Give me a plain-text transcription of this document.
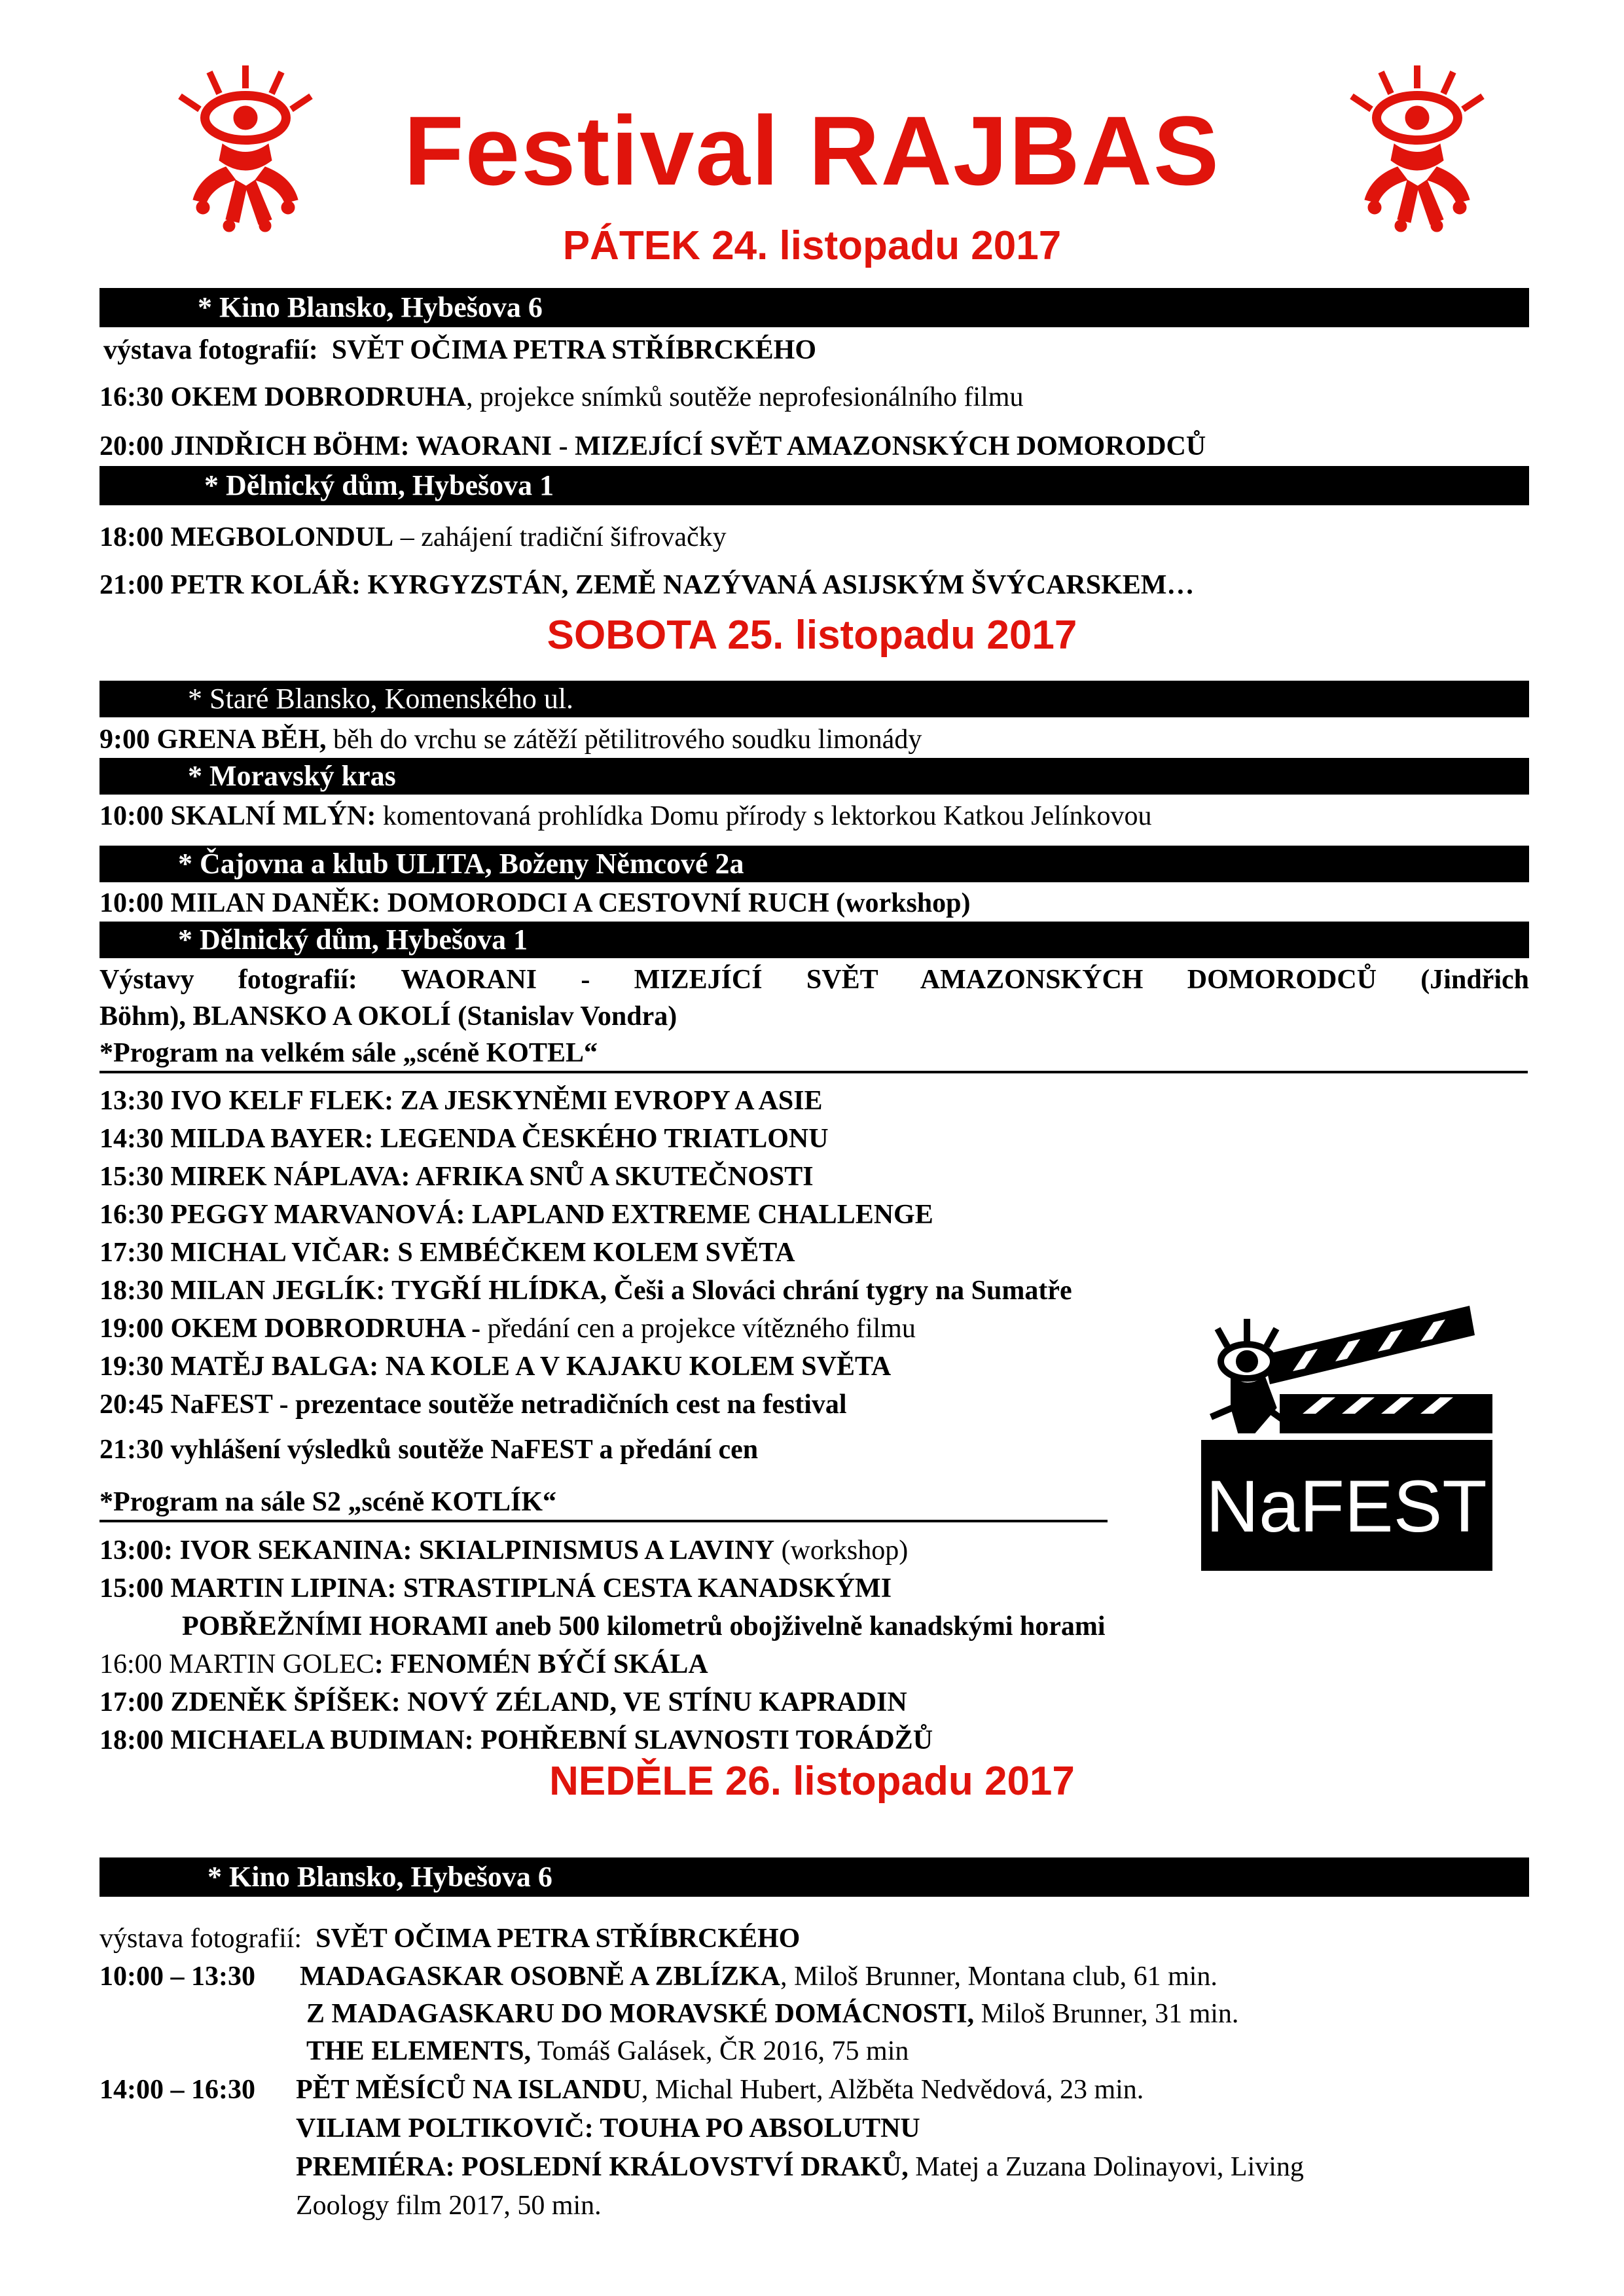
Festival RAJBAS
PÁTEK 24. listopadu 2017
* Kino Blansko, Hybešova 6
výstava fotografií: SVĚT OČIMA PETRA STŘÍBRCKÉHO
16:30 OKEM DOBRODRUHA, projekce snímků soutěže neprofesionálního filmu
20:00 JINDŘICH BÖHM: WAORANI - MIZEJÍCÍ SVĚT AMAZONSKÝCH DOMORODCŮ
* Dělnický dům, Hybešova 1
18:00 MEGBOLONDUL – zahájení tradiční šifrovačky
21:00 PETR KOLÁŘ: KYRGYZSTÁN, ZEMĚ NAZÝVANÁ ASIJSKÝM ŠVÝCARSKEM…
SOBOTA 25. listopadu 2017
* Staré Blansko, Komenského ul.
9:00 GRENA BĚH, běh do vrchu se zátěží pětilitrového soudku limonády
* Moravský kras
10:00 SKALNÍ MLÝN: komentovaná prohlídka Domu přírody s lektorkou Katkou Jelínkovou
* Čajovna a klub ULITA, Boženy Němcové 2a
10:00 MILAN DANĚK: DOMORODCI A CESTOVNÍ RUCH (workshop)
* Dělnický dům, Hybešova 1
Výstavy fotografií: WAORANI - MIZEJÍCÍ SVĚT AMAZONSKÝCH DOMORODCŮ (Jindřich
Böhm), BLANSKO A OKOLÍ (Stanislav Vondra)
*Program na velkém sále „scéně KOTEL“
13:30 IVO KELF FLEK: ZA JESKYNĚMI EVROPY A ASIE
14:30 MILDA BAYER: LEGENDA ČESKÉHO TRIATLONU
15:30 MIREK NÁPLAVA: AFRIKA SNŮ A SKUTEČNOSTI
16:30 PEGGY MARVANOVÁ: LAPLAND EXTREME CHALLENGE
17:30 MICHAL VIČAR: S EMBÉČKEM KOLEM SVĚTA
18:30 MILAN JEGLÍK: TYGŘÍ HLÍDKA, Češi a Slováci chrání tygry na Sumatře
19:00 OKEM DOBRODRUHA - předání cen a projekce vítězného filmu
19:30 MATĚJ BALGA: NA KOLE A V KAJAKU KOLEM SVĚTA
20:45 NaFEST - prezentace soutěže netradičních cest na festival
21:30 vyhlášení výsledků soutěže NaFEST a předání cen
NaFEST
*Program na sále S2 „scéně KOTLÍK“
13:00: IVOR SEKANINA: SKIALPINISMUS A LAVINY (workshop)
15:00 MARTIN LIPINA: STRASTIPLNÁ CESTA KANADSKÝMI
POBŘEŽNÍMI HORAMI aneb 500 kilometrů obojživelně kanadskými horami
16:00 MARTIN GOLEC: FENOMÉN BÝČÍ SKÁLA
17:00 ZDENĚK ŠPÍŠEK: NOVÝ ZÉLAND, VE STÍNU KAPRADIN
18:00 MICHAELA BUDIMAN: POHŘEBNÍ SLAVNOSTI TORÁDŽŮ
NEDĚLE 26. listopadu 2017
* Kino Blansko, Hybešova 6
výstava fotografií: SVĚT OČIMA PETRA STŘÍBRCKÉHO
10:00 – 13:30 MADAGASKAR OSOBNĚ A ZBLÍZKA, Miloš Brunner, Montana club, 61 min.
Z MADAGASKARU DO MORAVSKÉ DOMÁCNOSTI, Miloš Brunner, 31 min.
THE ELEMENTS, Tomáš Galásek, ČR 2016, 75 min
14:00 – 16:30 PĚT MĚSÍCŮ NA ISLANDU, Michal Hubert, Alžběta Nedvědová, 23 min.
VILIAM POLTIKOVIČ: TOUHA PO ABSOLUTNU
PREMIÉRA: POSLEDNÍ KRÁLOVSTVÍ DRAKŮ, Matej a Zuzana Dolinayovi, Living
Zoology film 2017, 50 min.
